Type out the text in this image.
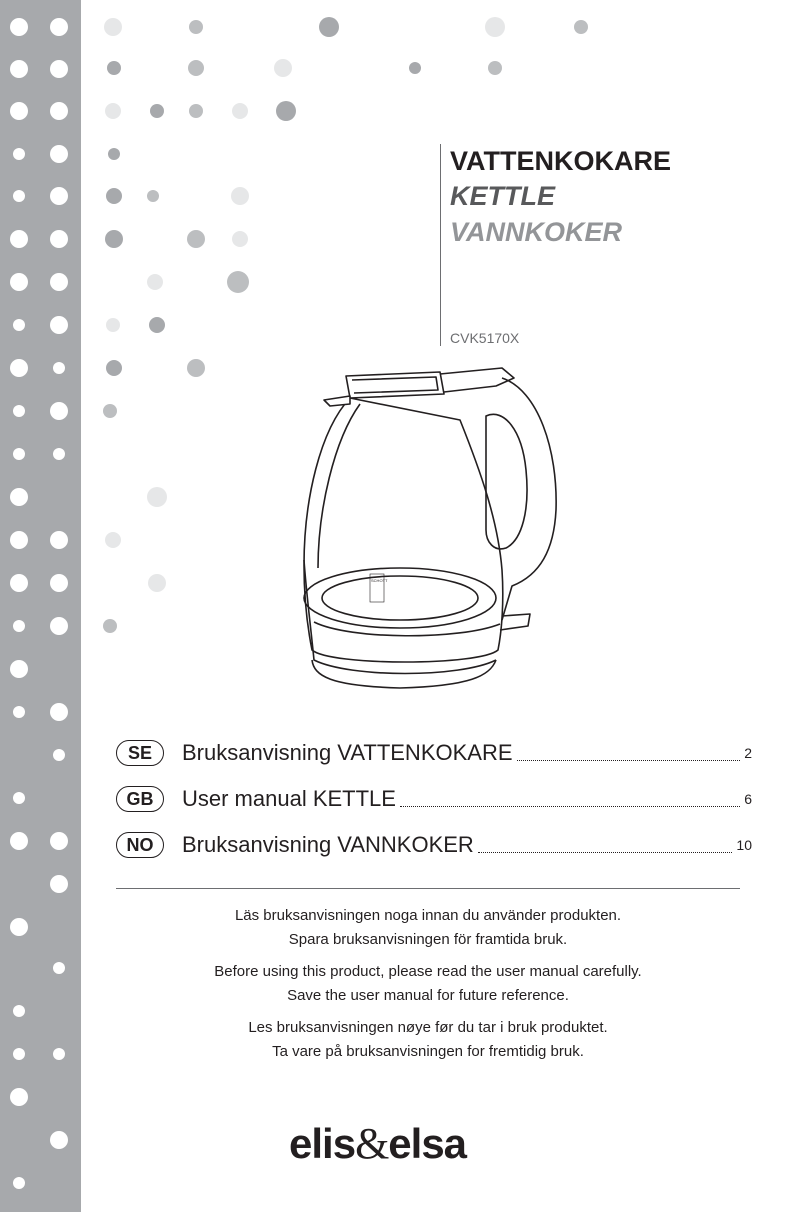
VATTENKOKARE

KETTLE

VANNKOKER

CVK5170X
SCHOTT
SE	Bruksanvisning VATTENKOKARE	2
GB	User manual KETTLE	6
NO	Bruksanvisning VANNKOKER	10

Läs bruksanvisningen noga innan du använder produkten.
Spara bruksanvisningen för framtida bruk.

Before using this product, please read the user manual carefully.
Save the user manual for future reference.

Les bruksanvisningen nøye før du tar i bruk produktet.
Ta vare på bruksanvisningen for fremtidig bruk.

elis&elsa
